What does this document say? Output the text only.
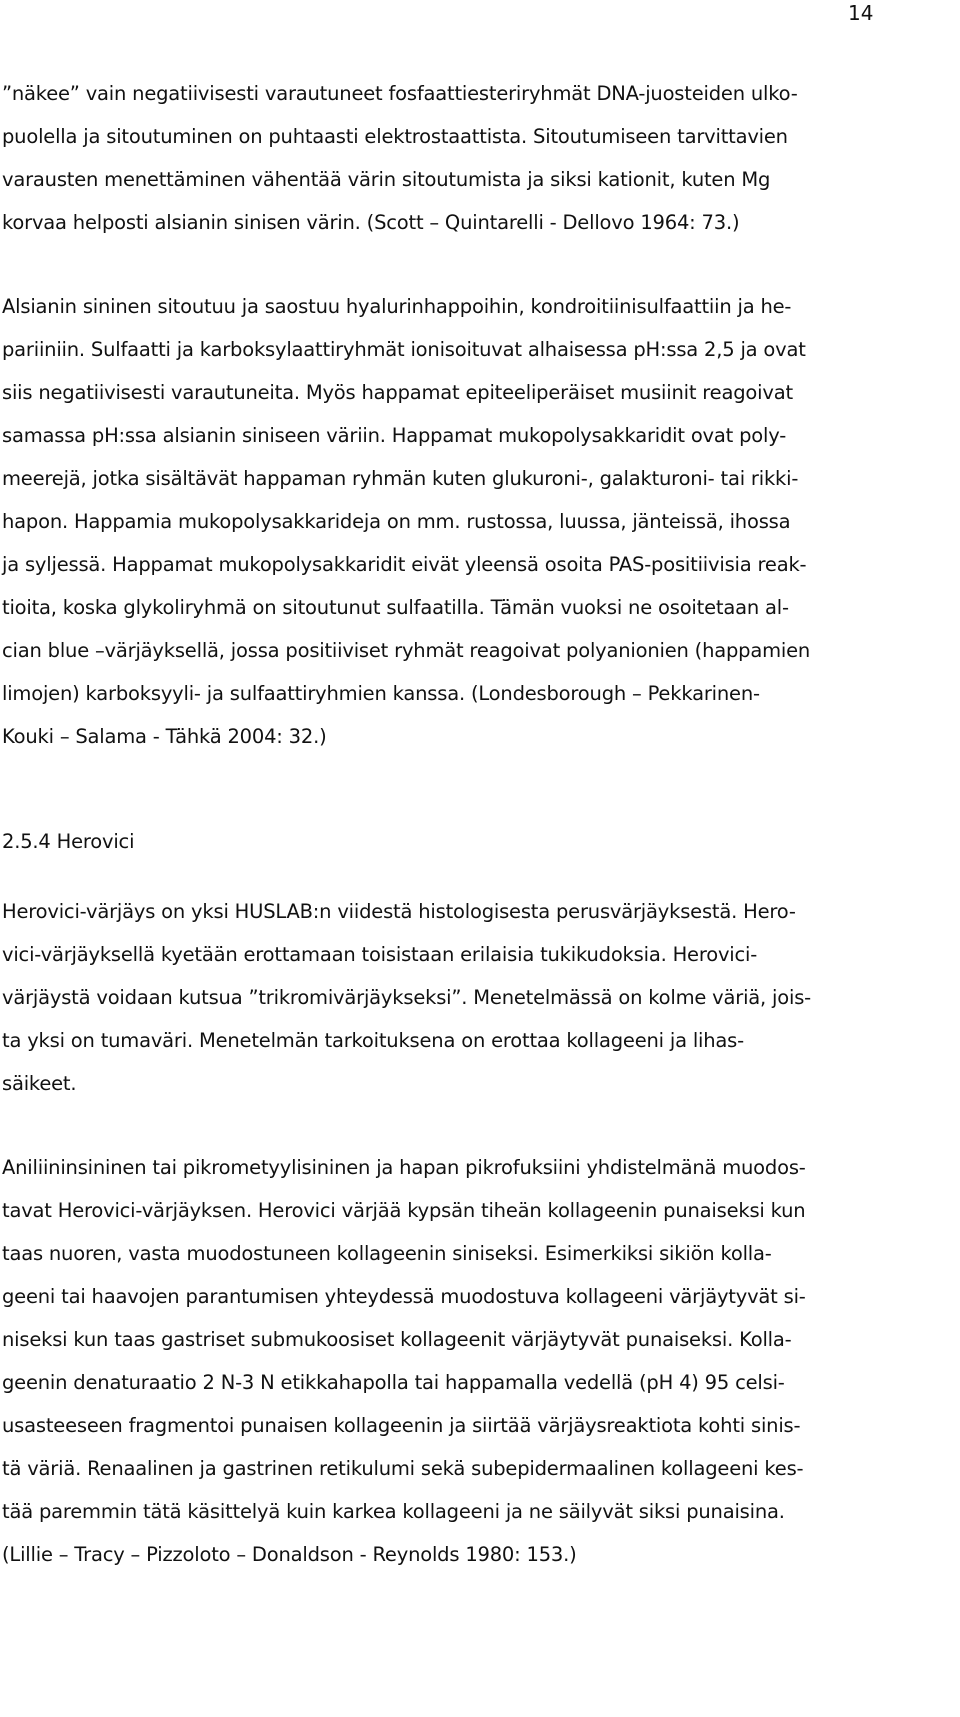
14
”näkee” vain negatiivisesti varautuneet fosfaattiesteriryhmät DNA-juosteiden ulko-
puolella ja sitoutuminen on puhtaasti elektrostaattista. Sitoutumiseen tarvittavien
varausten menettäminen vähentää värin sitoutumista ja siksi kationit, kuten Mg
korvaa helposti alsianin sinisen värin. (Scott – Quintarelli - Dellovo 1964: 73.)
Alsianin sininen sitoutuu ja saostuu hyalurinhappoihin, kondroitiinisulfaattiin ja he-
pariiniin. Sulfaatti ja karboksylaattiryhmät ionisoituvat alhaisessa pH:ssa 2,5 ja ovat
siis negatiivisesti varautuneita. Myös happamat epiteeliperäiset musiinit reagoivat
samassa pH:ssa alsianin siniseen väriin. Happamat mukopolysakkaridit ovat poly-
meerejä, jotka sisältävät happaman ryhmän kuten glukuroni-, galakturoni- tai rikki-
hapon. Happamia mukopolysakkarideja on mm. rustossa, luussa, jänteissä, ihossa
ja syljessä. Happamat mukopolysakkaridit eivät yleensä osoita PAS-positiivisia reak-
tioita, koska glykoliryhmä on sitoutunut sulfaatilla. Tämän vuoksi ne osoitetaan al-
cian blue –värjäyksellä, jossa positiiviset ryhmät reagoivat polyanionien (happamien
limojen) karboksyyli- ja sulfaattiryhmien kanssa. (Londesborough – Pekkarinen-
Kouki – Salama - Tähkä 2004: 32.)
2.5.4 Herovici
Herovici-värjäys on yksi HUSLAB:n viidestä histologisesta perusvärjäyksestä. Hero-
vici-värjäyksellä kyetään erottamaan toisistaan erilaisia tukikudoksia. Herovici-
värjäystä voidaan kutsua ”trikromivärjäykseksi”. Menetelmässä on kolme väriä, jois-
ta yksi on tumaväri. Menetelmän tarkoituksena on erottaa kollageeni ja lihas-
säikeet.
Aniliininsininen tai pikrometyylisininen ja hapan pikrofuksiini yhdistelmänä muodos-
tavat Herovici-värjäyksen. Herovici värjää kypsän tiheän kollageenin punaiseksi kun
taas nuoren, vasta muodostuneen kollageenin siniseksi. Esimerkiksi sikiön kolla-
geeni tai haavojen parantumisen yhteydessä muodostuva kollageeni värjäytyvät si-
niseksi kun taas gastriset submukoosiset kollageenit värjäytyvät punaiseksi. Kolla-
geenin denaturaatio 2 N-3 N etikkahapolla tai happamalla vedellä (pH 4) 95 celsi-
usasteeseen fragmentoi punaisen kollageenin ja siirtää värjäysreaktiota kohti sinis-
tä väriä. Renaalinen ja gastrinen retikulumi sekä subepidermaalinen kollageeni kes-
tää paremmin tätä käsittelyä kuin karkea kollageeni ja ne säilyvät siksi punaisina.
(Lillie – Tracy – Pizzoloto – Donaldson - Reynolds 1980: 153.)
